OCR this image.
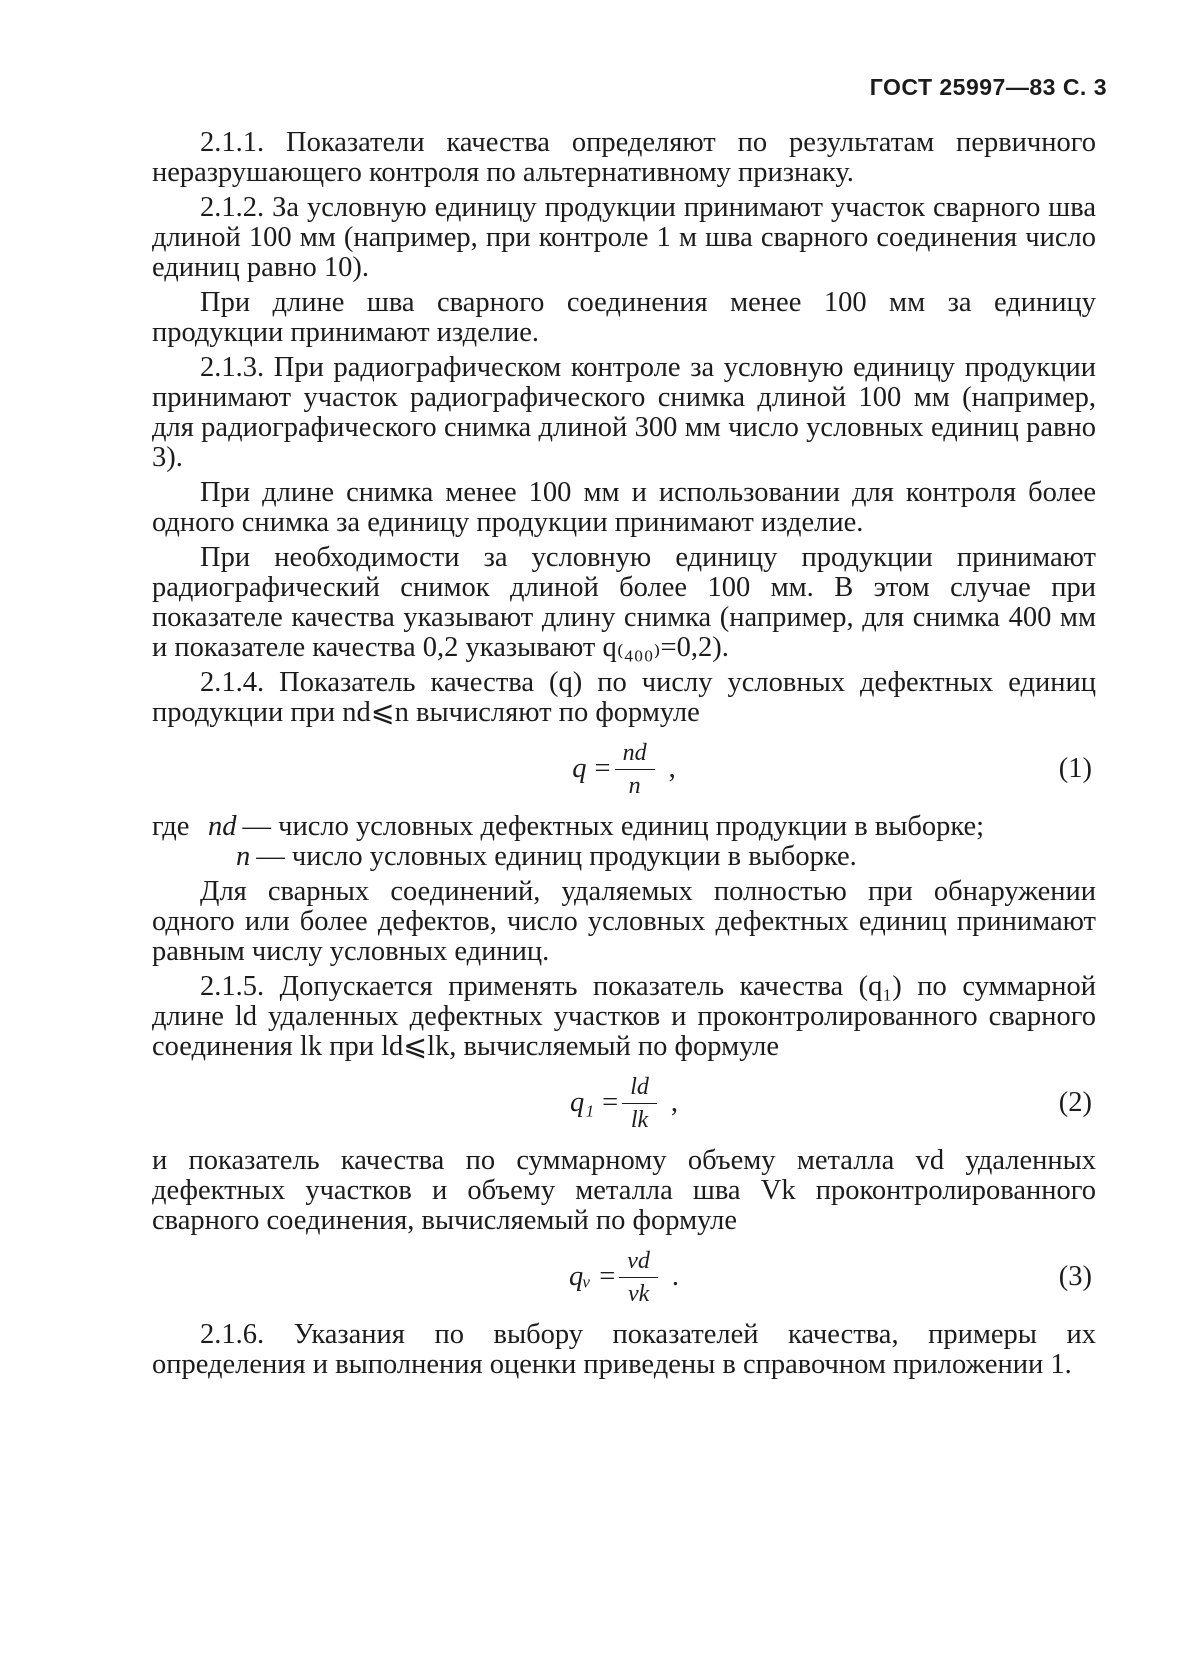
ГОСТ 25997—83 С. 3

2.1.1. Показатели качества определяют по результатам первичного неразрушающего контроля по альтернативному признаку.

2.1.2. За условную единицу продукции принимают участок сварного шва длиной 100 мм (например, при контроле 1 м шва сварного соединения число единиц равно 10).

При длине шва сварного соединения менее 100 мм за единицу продукции принимают изделие.

2.1.3. При радиографическом контроле за условную единицу продукции принимают участок радиографического снимка длиной 100 мм (например, для радиографического снимка длиной 300 мм число условных единиц равно 3).

При длине снимка менее 100 мм и использовании для контроля более одного снимка за единицу продукции принимают изделие.

При необходимости за условную единицу продукции принимают радиографический снимок длиной более 100 мм. В этом случае при показателе качества указывают длину снимка (например, для снимка 400 мм и показателе качества 0,2 указывают q₍₄₀₀₎=0,2).

2.1.4. Показатель качества (q) по числу условных дефектных единиц продукции при nd⩽n вычисляют по формуле

$q = \frac{nd}{n}$ ,	(1)
где nd — число условных дефектных единиц продукции в выборке;
n — число условных единиц продукции в выборке.

Для сварных соединений, удаляемых полностью при обнаружении одного или более дефектов, число условных дефектных единиц принимают равным числу условных единиц.

2.1.5. Допускается применять показатель качества (q₁) по суммарной длине ld удаленных дефектных участков и проконтролированного сварного соединения lk при ld⩽lk, вычисляемый по формуле

$q_1 = \frac{ld}{lk}$ ,	(2)

и показатель качества по суммарному объему металла vd удаленных дефектных участков и объему металла шва Vk проконтролированного сварного соединения, вычисляемый по формуле

qᵥ = $\frac{vd}{vk}$ .	(3)

2.1.6. Указания по выбору показателей качества, примеры их определения и выполнения оценки приведены в справочном приложении 1.
